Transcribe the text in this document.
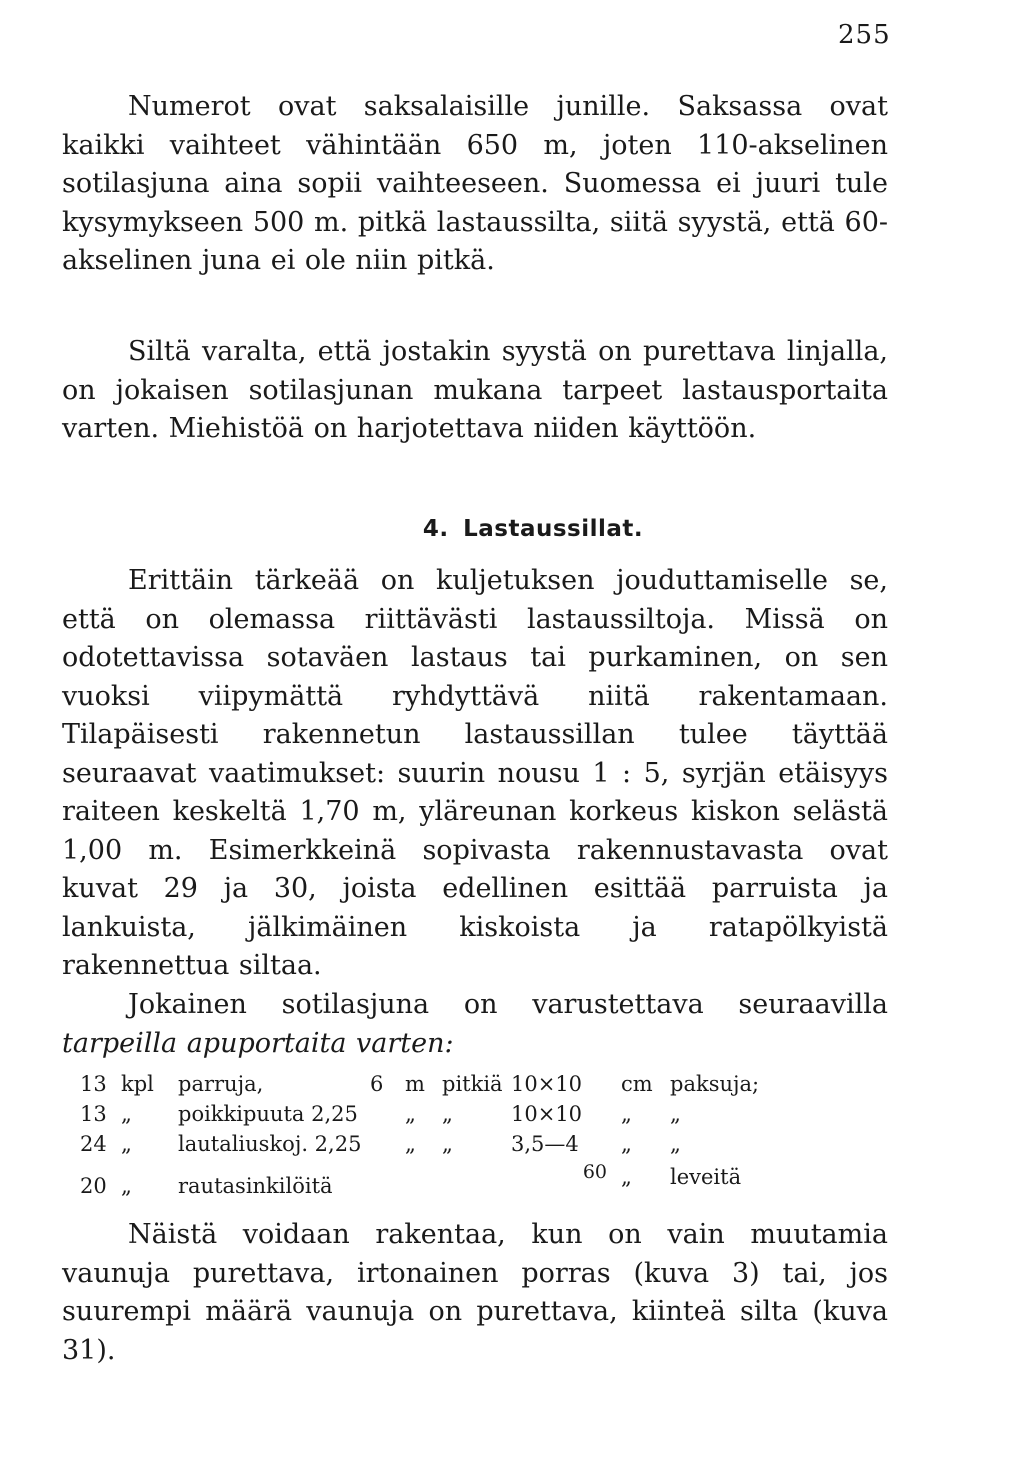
255

Numerot ovat saksalaisille junille. Saksassa ovat kaikki vaihteet vähintään 650 m, joten 110-akselinen sotilasjuna aina sopii vaihteeseen. Suomessa ei juuri tule kysymykseen 500 m. pitkä lastaussilta, siitä syystä, että 60-akselinen juna ei ole niin pitkä.

Siltä varalta, että jostakin syystä on purettava linjalla, on jokaisen sotilasjunan mukana tarpeet lastausportaita varten. Miehistöä on harjotettava niiden käyttöön.

4. Lastaussillat.

Erittäin tärkeää on kuljetuksen jouduttamiselle se, että on olemassa riittävästi lastaussiltoja. Missä on odotettavissa sotaväen lastaus tai purkaminen, on sen vuoksi viipymättä ryhdyttävä niitä rakentamaan. Tilapäisesti rakennetun lastaussillan tulee täyttää seuraavat vaatimukset: suurin nousu 1 : 5, syrjän etäisyys raiteen keskeltä 1,70 m, yläreunan korkeus kiskon selästä 1,00 m. Esimerkkeinä sopivasta rakennustavasta ovat kuvat 29 ja 30, joista edellinen esittää parruista ja lankuista, jälkimäinen kiskoista ja ratapölkyistä rakennettua siltaa.

Jokainen sotilasjuna on varustettava seuraavilla tarpeilla apuportaita varten:

13	kpl	parruja,	6	m	pitkiä	10×10	cm	paksuja;
13	„	poikkipuuta 2,25		„	„	10×10	„	„
24	„	lautaliuskoj. 2,25		„	„	3,5—4	„	„
20	„	rautasinkilöitä				60	„	leveitä

Näistä voidaan rakentaa, kun on vain muutamia vaunuja purettava, irtonainen porras (kuva 3) tai, jos suurempi määrä vaunuja on purettava, kiinteä silta (kuva 31).
